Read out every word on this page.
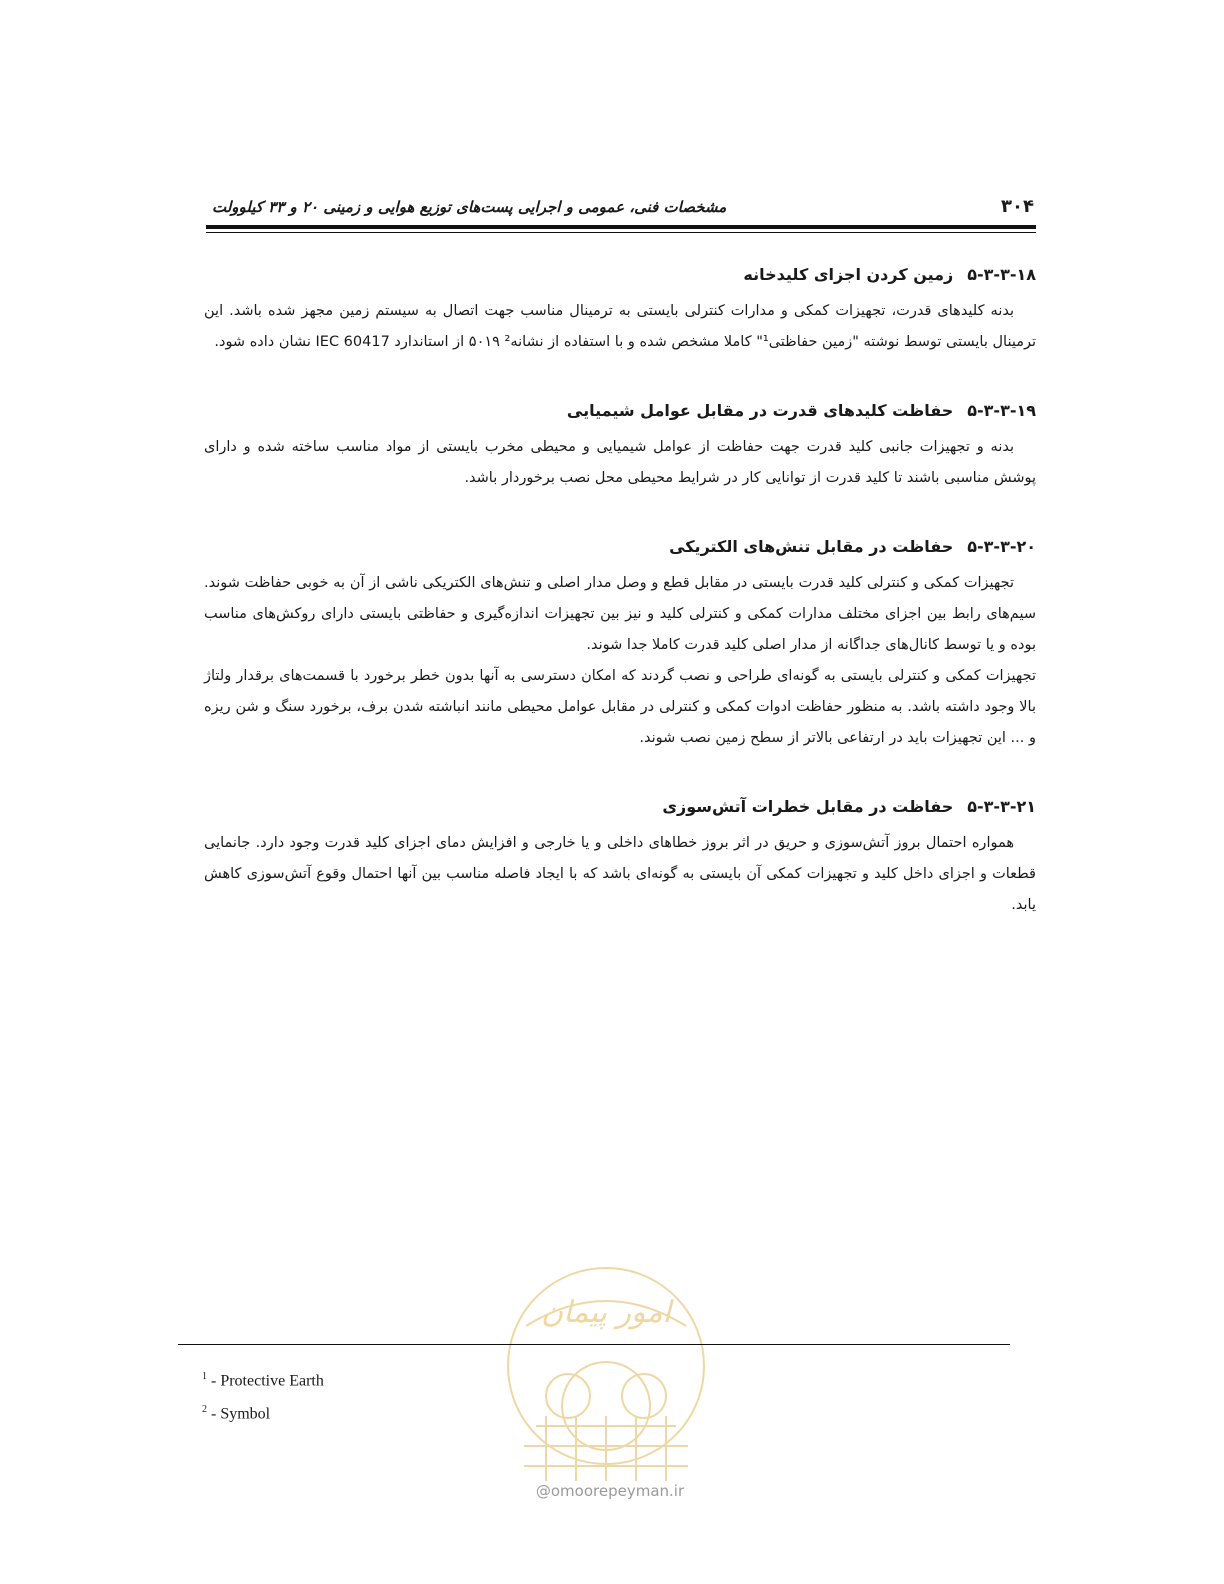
۳۰۴
مشخصات فنی، عمومی و اجرایی پست‌های توزیع هوایی و زمینی ۲۰ و ۳۳ کیلوولت
۵-۳-۳-۱۸زمین کردن اجزای کلیدخانه

بدنه کلیدهای قدرت، تجهیزات کمکی و مدارات کنترلی بایستی به ترمینال مناسب جهت اتصال به سیستم زمین مجهز شده باشد. این ترمینال بایستی توسط نوشته "زمین حفاظتی¹" کاملا مشخص شده و با استفاده از نشانه² ۵۰۱۹ از استاندارد IEC 60417 نشان داده شود.

۵-۳-۳-۱۹حفاظت کلیدهای قدرت در مقابل عوامل شیمیایی

بدنه و تجهیزات جانبی کلید قدرت جهت حفاظت از عوامل شیمیایی و محیطی مخرب بایستی از مواد مناسب ساخته شده و دارای پوشش مناسبی باشند تا کلید قدرت از توانایی کار در شرایط محیطی محل نصب برخوردار باشد.

۵-۳-۳-۲۰حفاظت در مقابل تنش‌های الکتریکی

تجهیزات کمکی و کنترلی کلید قدرت بایستی در مقابل قطع و وصل مدار اصلی و تنش‌های الکتریکی ناشی از آن به خوبی حفاظت شوند. سیم‌های رابط بین اجزای مختلف مدارات کمکی و کنترلی کلید و نیز بین تجهیزات اندازه‌گیری و حفاظتی بایستی دارای روکش‌های مناسب بوده و یا توسط کانال‌های جداگانه از مدار اصلی کلید قدرت کاملا جدا شوند.

تجهیزات کمکی و کنترلی بایستی به گونه‌ای طراحی و نصب گردند که امکان دسترسی به آنها بدون خطر برخورد با قسمت‌های برقدار ولتاژ بالا وجود داشته باشد. به منظور حفاظت ادوات کمکی و کنترلی در مقابل عوامل محیطی مانند انباشته شدن برف، برخورد سنگ و شن ریزه و ... این تجهیزات باید در ارتفاعی بالاتر از سطح زمین نصب شوند.

۵-۳-۳-۲۱حفاظت در مقابل خطرات آتش‌سوزی

همواره احتمال بروز آتش‌سوزی و حریق در اثر بروز خطاهای داخلی و یا خارجی و افزایش دمای اجزای کلید قدرت وجود دارد. جانمایی قطعات و اجزای داخل کلید و تجهیزات کمکی آن بایستی به گونه‌ای باشد که با ایجاد فاصله مناسب بین آنها احتمال وقوع آتش‌سوزی کاهش یابد.

امور پیمان
@omoorepeyman.ir
$^1$ - Protective Earth
$^2$ - Symbol
